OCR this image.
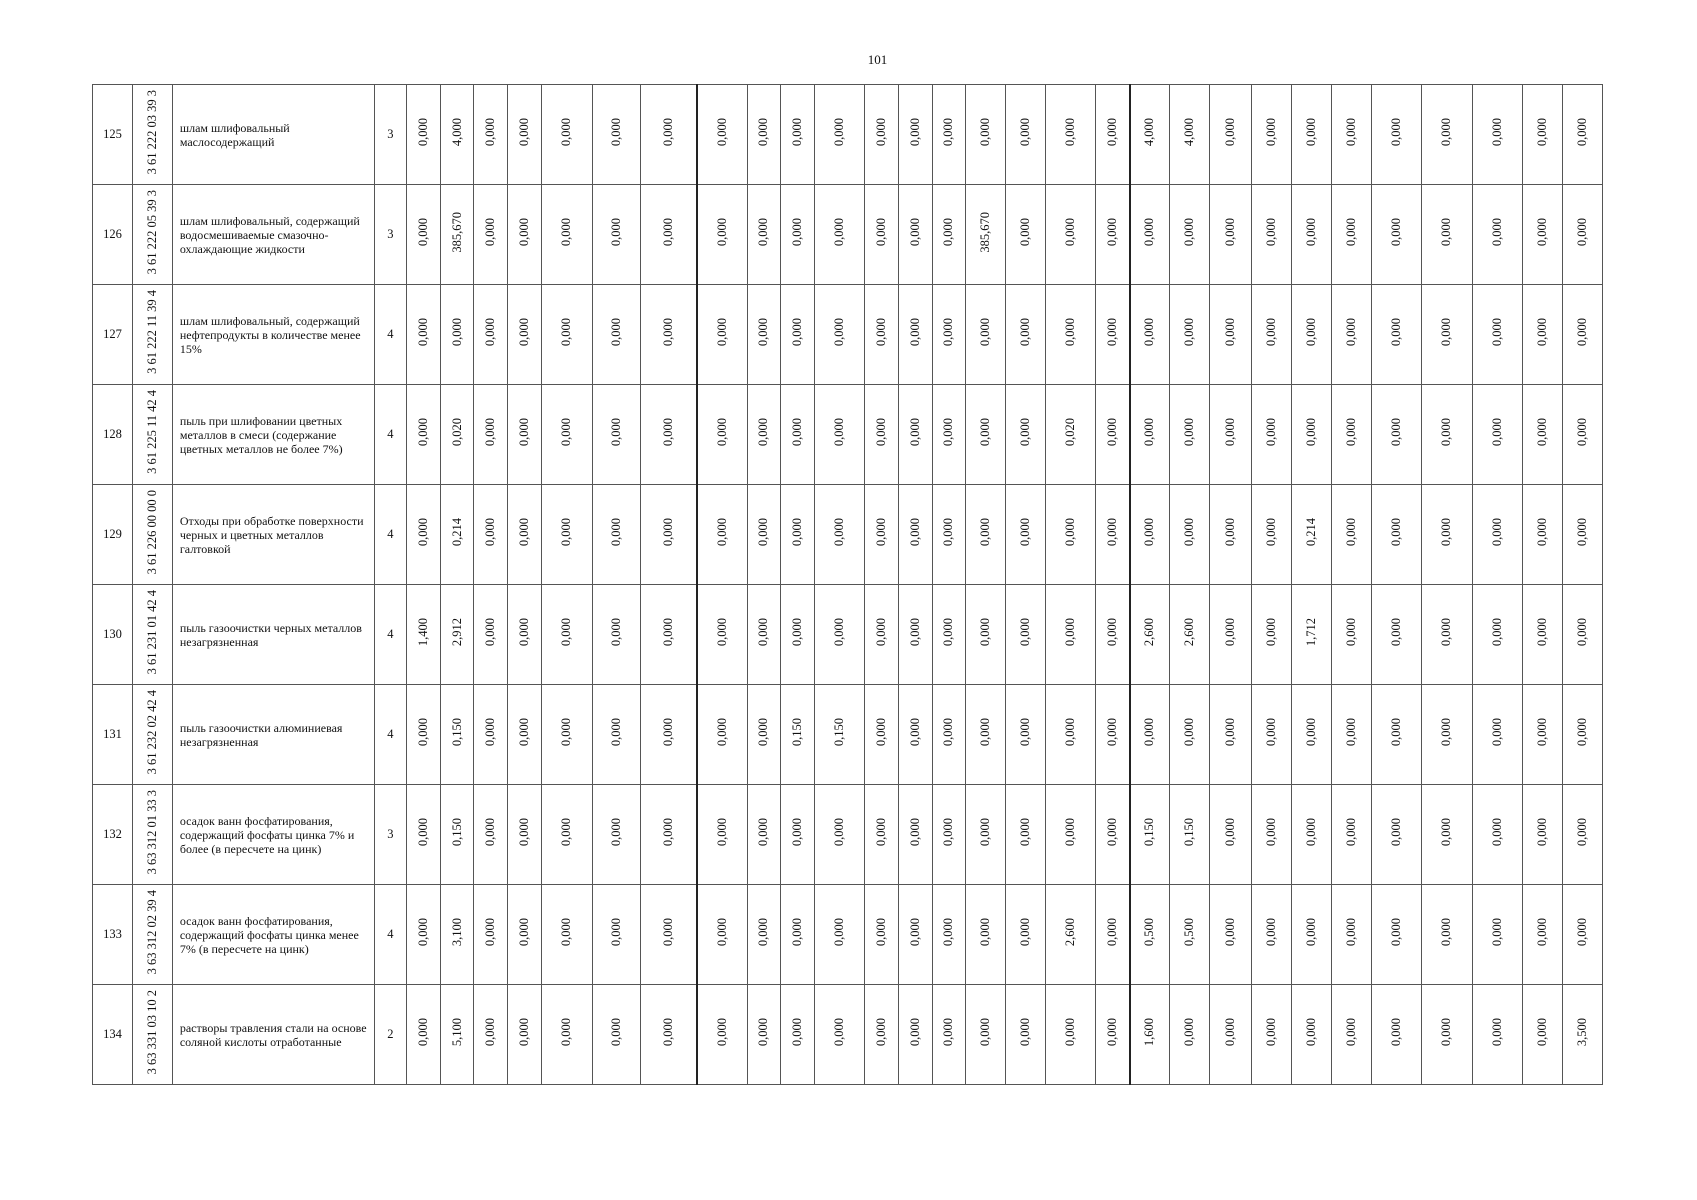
101
125	3 61 222 03 39 3	шлам шлифовальный маслосодержащий	3	0,000	4,000	0,000	0,000	0,000	0,000	0,000	0,000	0,000	0,000	0,000	0,000	0,000	0,000	0,000	0,000	0,000	0,000	4,000	4,000	0,000	0,000	0,000	0,000	0,000	0,000	0,000	0,000	0,000
126	3 61 222 05 39 3	шлам шлифовальный, содержащий водосмешиваемые смазочно-охлаждающие жидкости	3	0,000	385,670	0,000	0,000	0,000	0,000	0,000	0,000	0,000	0,000	0,000	0,000	0,000	0,000	385,670	0,000	0,000	0,000	0,000	0,000	0,000	0,000	0,000	0,000	0,000	0,000	0,000	0,000	0,000
127	3 61 222 11 39 4	шлам шлифовальный, содержащий нефтепродукты в количестве менее 15%	4	0,000	0,000	0,000	0,000	0,000	0,000	0,000	0,000	0,000	0,000	0,000	0,000	0,000	0,000	0,000	0,000	0,000	0,000	0,000	0,000	0,000	0,000	0,000	0,000	0,000	0,000	0,000	0,000	0,000
128	3 61 225 11 42 4	пыль при шлифовании цветных металлов в смеси (содержание цветных металлов не более 7%)	4	0,000	0,020	0,000	0,000	0,000	0,000	0,000	0,000	0,000	0,000	0,000	0,000	0,000	0,000	0,000	0,000	0,020	0,000	0,000	0,000	0,000	0,000	0,000	0,000	0,000	0,000	0,000	0,000	0,000
129	3 61 226 00 00 0	Отходы при обработке поверхности черных и цветных металлов галтовкой	4	0,000	0,214	0,000	0,000	0,000	0,000	0,000	0,000	0,000	0,000	0,000	0,000	0,000	0,000	0,000	0,000	0,000	0,000	0,000	0,000	0,000	0,000	0,214	0,000	0,000	0,000	0,000	0,000	0,000
130	3 61 231 01 42 4	пыль газоочистки черных металлов незагрязненная	4	1,400	2,912	0,000	0,000	0,000	0,000	0,000	0,000	0,000	0,000	0,000	0,000	0,000	0,000	0,000	0,000	0,000	0,000	2,600	2,600	0,000	0,000	1,712	0,000	0,000	0,000	0,000	0,000	0,000
131	3 61 232 02 42 4	пыль газоочистки алюминиевая незагрязненная	4	0,000	0,150	0,000	0,000	0,000	0,000	0,000	0,000	0,000	0,150	0,150	0,000	0,000	0,000	0,000	0,000	0,000	0,000	0,000	0,000	0,000	0,000	0,000	0,000	0,000	0,000	0,000	0,000	0,000
132	3 63 312 01 33 3	осадок ванн фосфатирования, содержащий фосфаты цинка 7% и более (в пересчете на цинк)	3	0,000	0,150	0,000	0,000	0,000	0,000	0,000	0,000	0,000	0,000	0,000	0,000	0,000	0,000	0,000	0,000	0,000	0,000	0,150	0,150	0,000	0,000	0,000	0,000	0,000	0,000	0,000	0,000	0,000
133	3 63 312 02 39 4	осадок ванн фосфатирования, содержащий фосфаты цинка менее 7% (в пересчете на цинк)	4	0,000	3,100	0,000	0,000	0,000	0,000	0,000	0,000	0,000	0,000	0,000	0,000	0,000	0,000	0,000	0,000	2,600	0,000	0,500	0,500	0,000	0,000	0,000	0,000	0,000	0,000	0,000	0,000	0,000
134	3 63 331 03 10 2	растворы травления стали на основе соляной кислоты отработанные	2	0,000	5,100	0,000	0,000	0,000	0,000	0,000	0,000	0,000	0,000	0,000	0,000	0,000	0,000	0,000	0,000	0,000	0,000	1,600	0,000	0,000	0,000	0,000	0,000	0,000	0,000	0,000	0,000	3,500
